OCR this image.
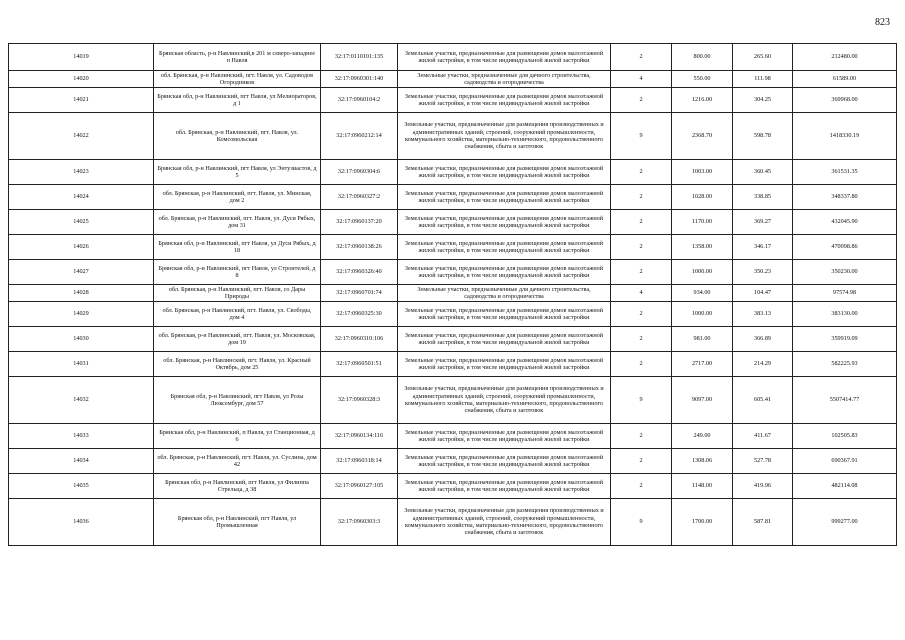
823
14019	Брянская область, р-н Навлинский,в 201 м северо-западнее п Навля	32:17:0110101:135	Земельные участки, предназначенные для размещения домов малоэтажной жилой застройки, в том числе индивидуальной жилой застройки	2	800.00	265.60	212480.00
14020	обл. Брянская, р-н Навлинский, пгт. Навля, ул. Садоводов Огородников	32:17:0960301:140	Земельные участки, предназначенные для дачного строительства, садоводства и огородничества	4	550.00	111.98	61589.00
14021	Брянская обл, р-н Навлинский, пгт Навля, ул Мелиораторов, д 1	32:17:0960104:2	Земельные участки, предназначенные для размещения домов малоэтажной жилой застройки, в том числе индивидуальной жилой застройки	2	1216.00	304.25	369968.00
14022	обл. Брянская, р-н Навлинский, пгт. Навля, ул. Комсомольская	32:17:0960212:14	Земельные участки, предназначенные для размещения производственных и административных зданий, строений, сооружений промышленности, коммунального хозяйства, материально-технического, продовольственного снабжения, сбыта и заготовок	9	2368.70	598.78	1418330.19
14023	Брянская обл, р-н Навлинский, пгт Навля, ул Энтузиастов, д 5	32:17:0960304:6	Земельные участки, предназначенные для размещения домов малоэтажной жилой застройки, в том числе индивидуальной жилой застройки	2	1003.00	360.45	361531.35
14024	обл. Брянская, р-н Навлинский, пгт. Навля, ул. Минская, дом 2	32:17:0960327:2	Земельные участки, предназначенные для размещения домов малоэтажной жилой застройки, в том числе индивидуальной жилой застройки	2	1028.00	338.85	348337.80
14025	обл. Брянская, р-н Навлинский, пгт. Навля, ул. Дуси Рябых, дом 31	32:17:0960137:20	Земельные участки, предназначенные для размещения домов малоэтажной жилой застройки, в том числе индивидуальной жилой застройки	2	1170.00	369.27	432045.90
14026	Брянская обл, р-н Навлинский, пгт Навля, ул Дуси Рябых, д 18	32:17:0960138:26	Земельные участки, предназначенные для размещения домов малоэтажной жилой застройки, в том числе индивидуальной жилой застройки	2	1358.00	346.17	470098.86
14027	Брянская обл, р-н Навлинский, пгт Навля, ул Строителей, д 8	32:17:0960326:40	Земельные участки, предназначенные для размещения домов малоэтажной жилой застройки, в том числе индивидуальной жилой застройки	2	1000.00	350.23	350230.00
14028	обл. Брянская, р-н Навлинский, пгт. Навля, со Дары Природы	32:17:0960701:74	Земельные участки, предназначенные для дачного строительства, садоводства и огородничества	4	934.00	104.47	97574.98
14029	обл. Брянская, р-н Навлинский, пгт. Навля, ул. Свободы, дом 4	32:17:0960325:30	Земельные участки, предназначенные для размещения домов малоэтажной жилой застройки, в том числе индивидуальной жилой застройки	2	1000.00	383.13	383130.00
14030	обл. Брянская, р-н Навлинский, пгт. Навля, ул. Московская, дом 19	32:17:0960310:106	Земельные участки, предназначенные для размещения домов малоэтажной жилой застройки, в том числе индивидуальной жилой застройки	2	981.00	366.89	359919.09
14031	обл. Брянская, р-н Навлинский, пгт. Навля, ул. Красный Октябрь, дом 25	32:17:0960501:51	Земельные участки, предназначенные для размещения домов малоэтажной жилой застройки, в том числе индивидуальной жилой застройки	2	2717.00	214.29	582225.93
14032	Брянская обл, р-н Навлинский, пгт Навля, ул Розы Люксембург, дом 57	32:17:0960328:3	Земельные участки, предназначенные для размещения производственных и административных зданий, строений, сооружений промышленности, коммунального хозяйства, материально-технического, продовольственного снабжения, сбыта и заготовок	9	9097.00	605.41	5507414.77
14033	Брянская обл, р-н Навлинский, п Навля, ул Станционная, д 6	32:17:0960134:116	Земельные участки, предназначенные для размещения домов малоэтажной жилой застройки, в том числе индивидуальной жилой застройки	2	249.00	411.67	102505.83
14034	обл. Брянская, р-н Навлинский, пгт. Навля, ул. Суслина, дом 42	32:17:0960318:14	Земельные участки, предназначенные для размещения домов малоэтажной жилой застройки, в том числе индивидуальной жилой застройки	2	1308.06	527.78	690367.91
14035	Брянская обл, р-н Навлинский, пгт Навля, ул Филиппа Стрельца, д 38	32:17:0960127:105	Земельные участки, предназначенные для размещения домов малоэтажной жилой застройки, в том числе индивидуальной жилой застройки	2	1148.00	419.96	482114.08
14036	Брянская обл, р-н Навлинский, пгт Навля, ул Промышленная	32:17:0960303:3	Земельные участки, предназначенные для размещения производственных и административных зданий, строений, сооружений промышленности, коммунального хозяйства, материально-технического, продовольственного снабжения, сбыта и заготовок	9	1700.00	587.81	999277.00
